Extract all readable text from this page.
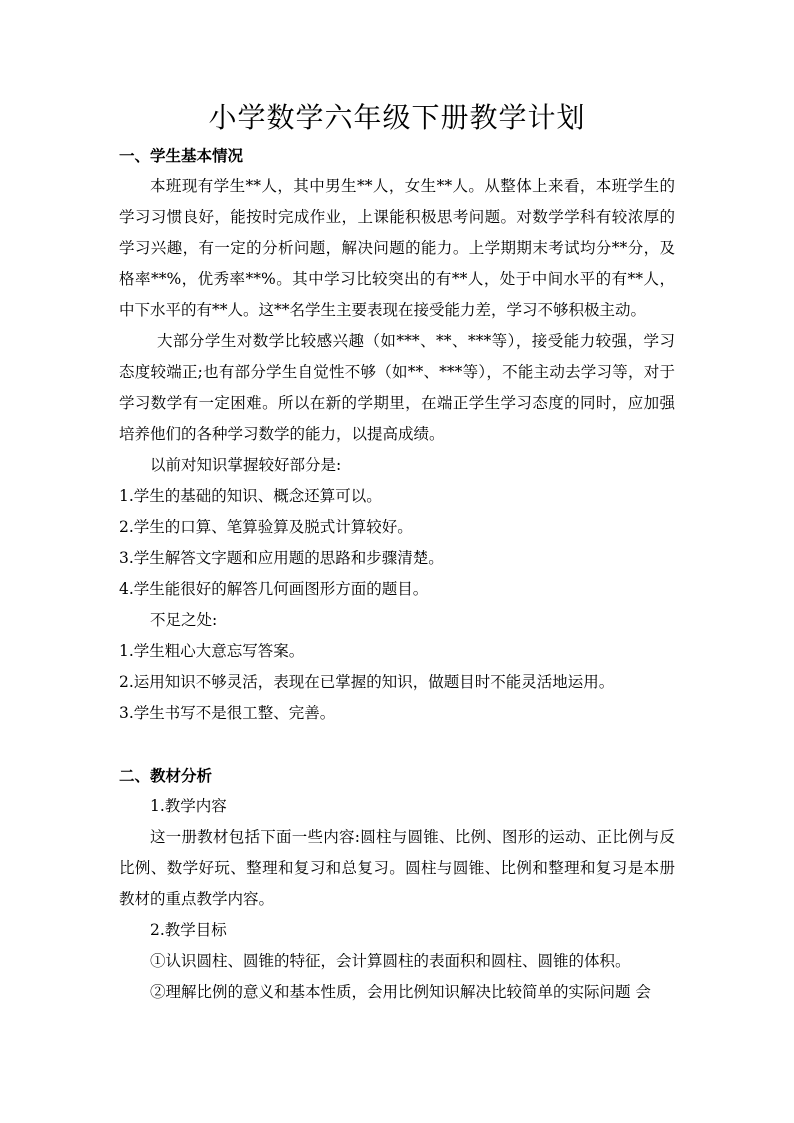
小学数学六年级下册教学计划

一、学生基本情况

本班现有学生**人，其中男生**人，女生**人。从整体上来看，本班学生的学习习惯良好，能按时完成作业，上课能积极思考问题。对数学学科有较浓厚的学习兴趣，有一定的分析问题，解决问题的能力。上学期期末考试均分**分，及格率**%，优秀率**%。其中学习比较突出的有**人，处于中间水平的有**人，中下水平的有**人。这**名学生主要表现在接受能力差，学习不够积极主动。

大部分学生对数学比较感兴趣（如***、**、***等），接受能力较强，学习态度较端正;也有部分学生自觉性不够（如**、***等），不能主动去学习等，对于学习数学有一定困难。所以在新的学期里，在端正学生学习态度的同时，应加强培养他们的各种学习数学的能力，以提高成绩。

以前对知识掌握较好部分是:

1.学生的基础的知识、概念还算可以。

2.学生的口算、笔算验算及脱式计算较好。

3.学生解答文字题和应用题的思路和步骤清楚。

4.学生能很好的解答几何画图形方面的题目。

不足之处:

1.学生粗心大意忘写答案。

2.运用知识不够灵活，表现在已掌握的知识，做题目时不能灵活地运用。

3.学生书写不是很工整、完善。

二、教材分析

1.教学内容

这一册教材包括下面一些内容:圆柱与圆锥、比例、图形的运动、正比例与反比例、数学好玩、整理和复习和总复习。圆柱与圆锥、比例和整理和复习是本册教材的重点教学内容。

2.教学目标

①认识圆柱、圆锥的特征，会计算圆柱的表面积和圆柱、圆锥的体积。

②理解比例的意义和基本性质，会用比例知识解决比较简单的实际问题 会
